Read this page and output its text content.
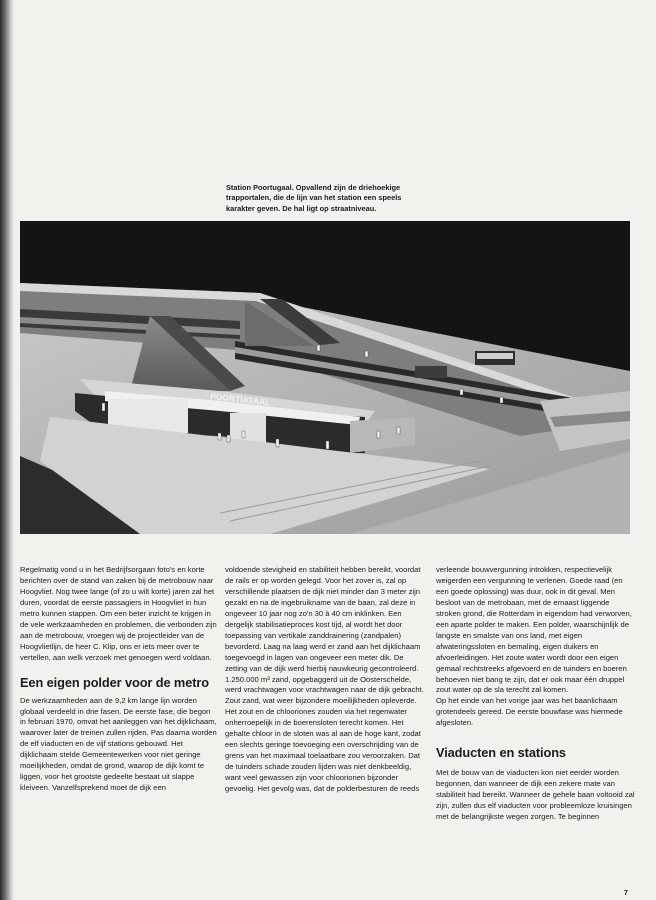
Station Poortugaal. Opvallend zijn de driehoekige
trapportalen, die de lijn van het station een speels
karakter geven. De hal ligt op straatniveau.
POORTUGAAL

Regelmatig vond u in het Bedrijfsorgaan foto's en korte berichten over de stand van zaken bij de metrobouw naar Hoogvliet. Nog twee lange (of zo u wilt korte) jaren zal het duren, voordat de eerste passagiers in Hoogvliet in hun metro kunnen stappen. Om een beter inzicht te krijgen in de vele werkzaamheden en problemen, die verbonden zijn aan de metrobouw, vroegen wij de projectleider van de Hoogvlietlijn, de heer C. Klip, ons er iets meer over te vertellen, aan welk verzoek met genoegen werd voldaan.

Een eigen polder voor de metro

De werkzaamheden aan de 9,2 km lange lijn worden globaal verdeeld in drie fasen. De eerste fase, die begon in februari 1970, omvat het aanleggen van het dijklichaam, waarover later de treinen zullen rijden. Pas daarna worden de elf viaducten en de vijf stations gebouwd. Het dijklichaam stelde Gemeentewerken voor niet geringe moeilijkheden, omdat de grond, waarop de dijk komt te liggen, voor het grootste gedeelte bestaat uit slappe kleiveen. Vanzelfsprekend moet de dijk een

voldoende stevigheid en stabiliteit hebben bereikt, voordat de rails er op worden gelegd. Voor het zover is, zal op verschillende plaatsen de dijk niet minder dan 3 meter zijn gezakt en na de ingebruikname van de baan, zal deze in ongeveer 10 jaar nog zo'n 30 à 40 cm inklinken. Een dergelijk stabilisatieproces kost tijd, al wordt het door toepassing van vertikale zanddrainering (zandpalen) bevorderd. Laag na laag werd er zand aan het dijklichaam toegevoegd in lagen van ongeveer een meter dik. De zetting van de dijk werd hierbij nauwkeurig gecontroleerd. 1.250.000 m³ zand, opgebaggerd uit de Oosterschelde, werd vrachtwagen voor vrachtwagen naar de dijk gebracht. Zout zand, wat weer bijzondere moeilijkheden opleverde. Het zout en de chlooriones zouden via het regenwater onherroepelijk in de boerensloten terecht komen. Het gehalte chloor in de sloten was al aan de hoge kant, zodat een slechts geringe toevoeging een overschrijding van de grens van het maximaal toelaatbare zou veroorzaken. Dat de tuinders schade zouden lijden was niet denkbeeldig, want veel gewassen zijn voor chloorionen bijzonder gevoelig. Het gevolg was, dat de polderbesturen de reeds

verleende bouwvergunning introkken, respectievelijk weigerden een vergunning te verlenen. Goede raad (en een goede oplossing) was duur, ook in dit geval. Men besloot van de metrobaan, met de ernaast liggende stroken grond, die Rotterdam in eigendom had verworven, een aparte polder te maken. Een polder, waarschijnlijk de langste en smalste van ons land, met eigen afwateringssloten en bemaling, eigen duikers en afvoerleidingen. Het zoute water wordt door een eigen gemaal rechtstreeks afgevoerd en de tuinders en boeren behoeven niet bang te zijn, dat er ook maar één druppel zout water op de sla terecht zal komen.

Op het einde van het vorige jaar was het baanlichaam grotendeels gereed. De eerste bouwfase was hiermede afgesloten.

Viaducten en stations

Met de bouw van de viaducten kon niet eerder worden begonnen, dan wanneer de dijk een zekere mate van stabiliteit had bereikt. Wanneer de gehele baan voltooid zal zijn, zullen dus elf viaducten voor probleemloze kruisingen met de belangrijkste wegen zorgen. Te beginnen

7
